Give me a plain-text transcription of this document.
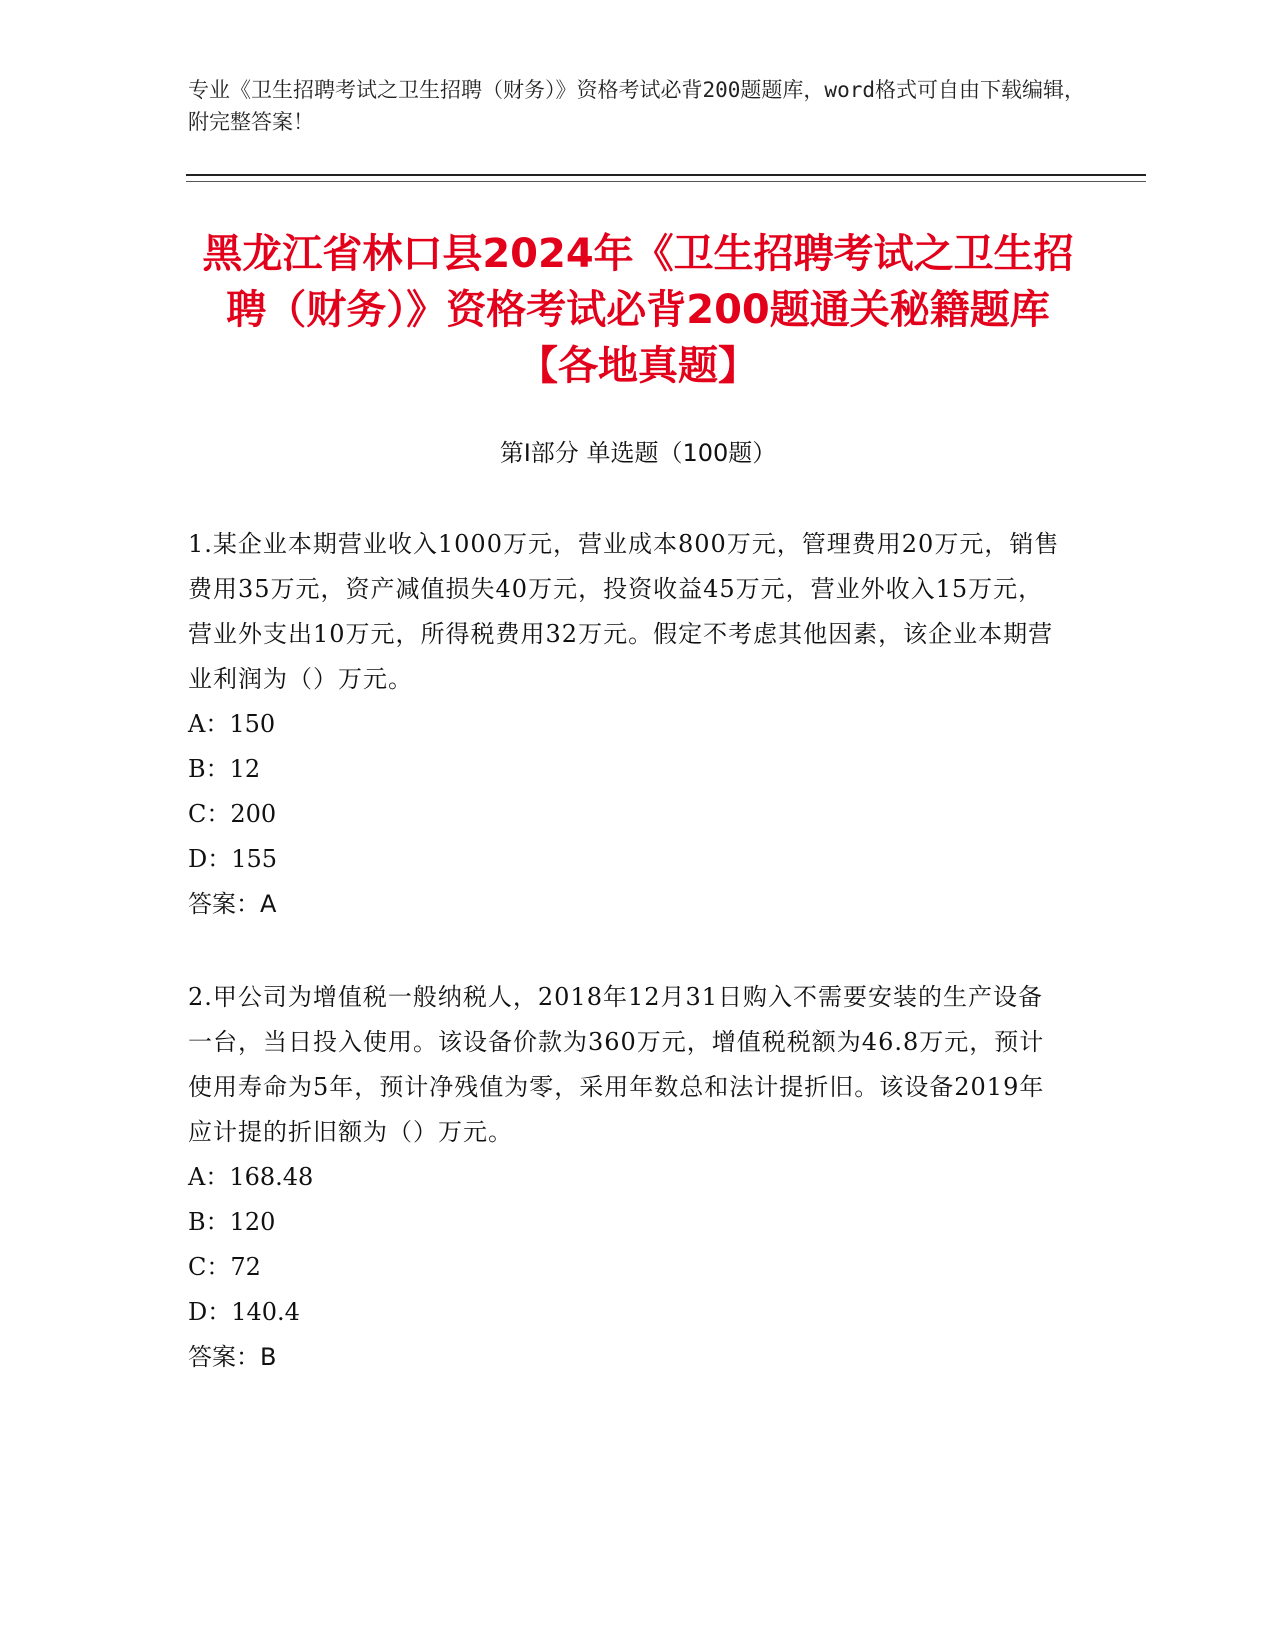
专业《卫生招聘考试之卫生招聘（财务）》资格考试必背200题题库，word格式可自由下载编辑，附完整答案！
黑龙江省林口县2024年《卫生招聘考试之卫生招聘（财务）》资格考试必背200题通关秘籍题库【各地真题】
第I部分 单选题（100题）

1.某企业本期营业收入1000万元，营业成本800万元，管理费用20万元，销售费用35万元，资产减值损失40万元，投资收益45万元，营业外收入15万元，营业外支出10万元，所得税费用32万元。假定不考虑其他因素，该企业本期营业利润为（）万元。

A：150

B：12

C：200

D：155

答案：A

2.甲公司为增值税一般纳税人，2018年12月31日购入不需要安装的生产设备一台，当日投入使用。该设备价款为360万元，增值税税额为46.8万元，预计使用寿命为5年，预计净残值为零，采用年数总和法计提折旧。该设备2019年应计提的折旧额为（）万元。

A：168.48

B：120

C：72

D：140.4

答案：B
